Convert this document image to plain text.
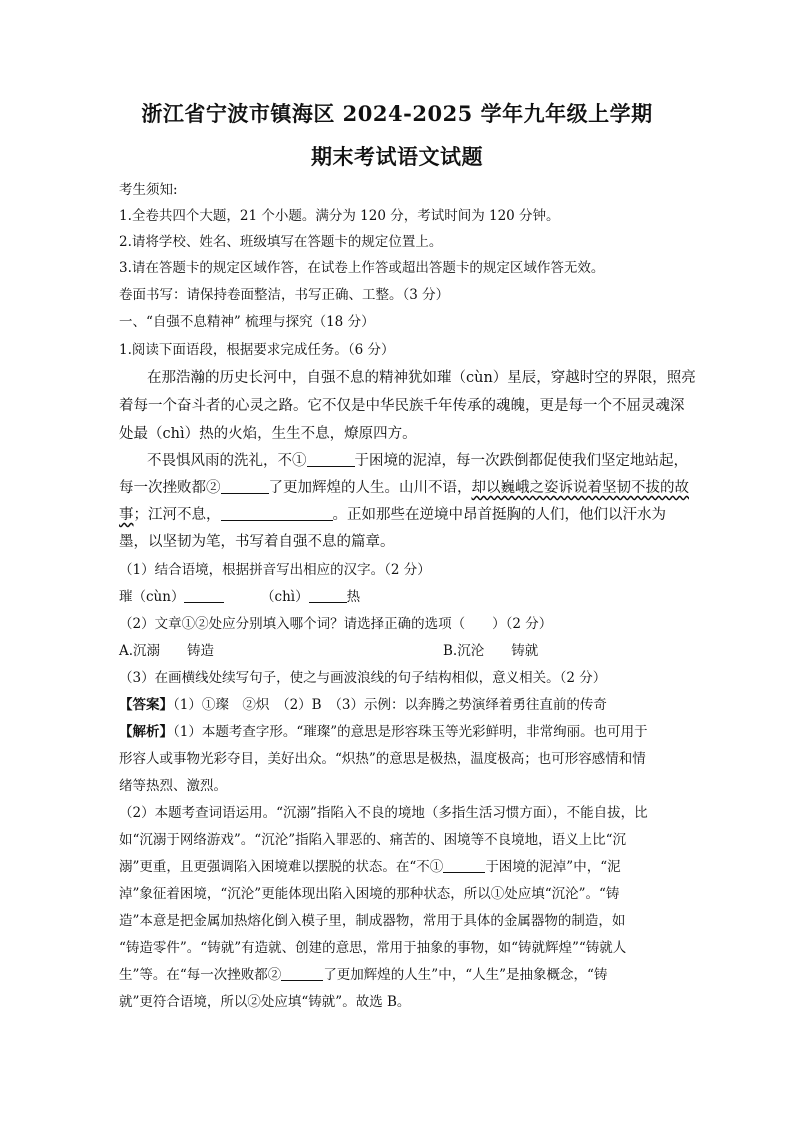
浙江省宁波市镇海区 2024-2025 学年九年级上学期
期末考试语文试题
考生须知:
1.全卷共四个大题，21 个小题。满分为 120 分，考试时间为 120 分钟。
2.请将学校、姓名、班级填写在答题卡的规定位置上。
3.请在答题卡的规定区域作答，在试卷上作答或超出答题卡的规定区域作答无效。
卷面书写：请保持卷面整洁，书写正确、工整。（3 分）
一、“自强不息精神” 梳理与探究（18 分）
1.阅读下面语段，根据要求完成任务。（6 分）
在那浩瀚的历史长河中，自强不息的精神犹如璀（cùn）星辰，穿越时空的界限，照亮
着每一个奋斗者的心灵之路。它不仅是中华民族千年传承的魂魄，更是每一个不屈灵魂深
处最（chì）热的火焰，生生不息，燎原四方。
不畏惧风雨的洗礼，不①	于困境的泥淖，每一次跌倒都促使我们坚定地站起，
每一次挫败都②	了更加辉煌的人生。山川不语，却以巍峨之姿诉说着坚韧不拔的故
事；江河不息，	。正如那些在逆境中昂首挺胸的人们，他们以汗水为
墨，以坚韧为笔，书写着自强不息的篇章。
（1）结合语境，根据拼音写出相应的汉字。（2 分）
璀（cùn）	（chì）	热
（2）文章①②处应分别填入哪个词？请选择正确的选项（　　）（2 分）
A.沉溺　　铸造	B.沉沦　　铸就
（3）在画横线处续写句子，使之与画波浪线的句子结构相似，意义相关。（2 分）
【答案】（1）①璨　②炽　（2）B　（3）示例：以奔腾之势演绎着勇往直前的传奇
【解析】（1）本题考查字形。“璀璨”的意思是形容珠玉等光彩鲜明，非常绚丽。也可用于
形容人或事物光彩夺目，美好出众。“炽热”的意思是极热，温度极高；也可形容感情和情
绪等热烈、激烈。
（2）本题考查词语运用。“沉溺”指陷入不良的境地（多指生活习惯方面），不能自拔，比
如“沉溺于网络游戏”。“沉沦”指陷入罪恶的、痛苦的、困境等不良境地，语义上比“沉
溺”更重，且更强调陷入困境难以摆脱的状态。在“不①	于困境的泥淖”中，“泥
淖”象征着困境，“沉沦”更能体现出陷入困境的那种状态，所以①处应填“沉沦”。“铸
造”本意是把金属加热熔化倒入模子里，制成器物，常用于具体的金属器物的制造，如
“铸造零件”。“铸就”有造就、创建的意思，常用于抽象的事物，如“铸就辉煌”“铸就人
生”等。在“每一次挫败都②	了更加辉煌的人生”中，“人生”是抽象概念，“铸
就”更符合语境，所以②处应填“铸就”。故选 B。
